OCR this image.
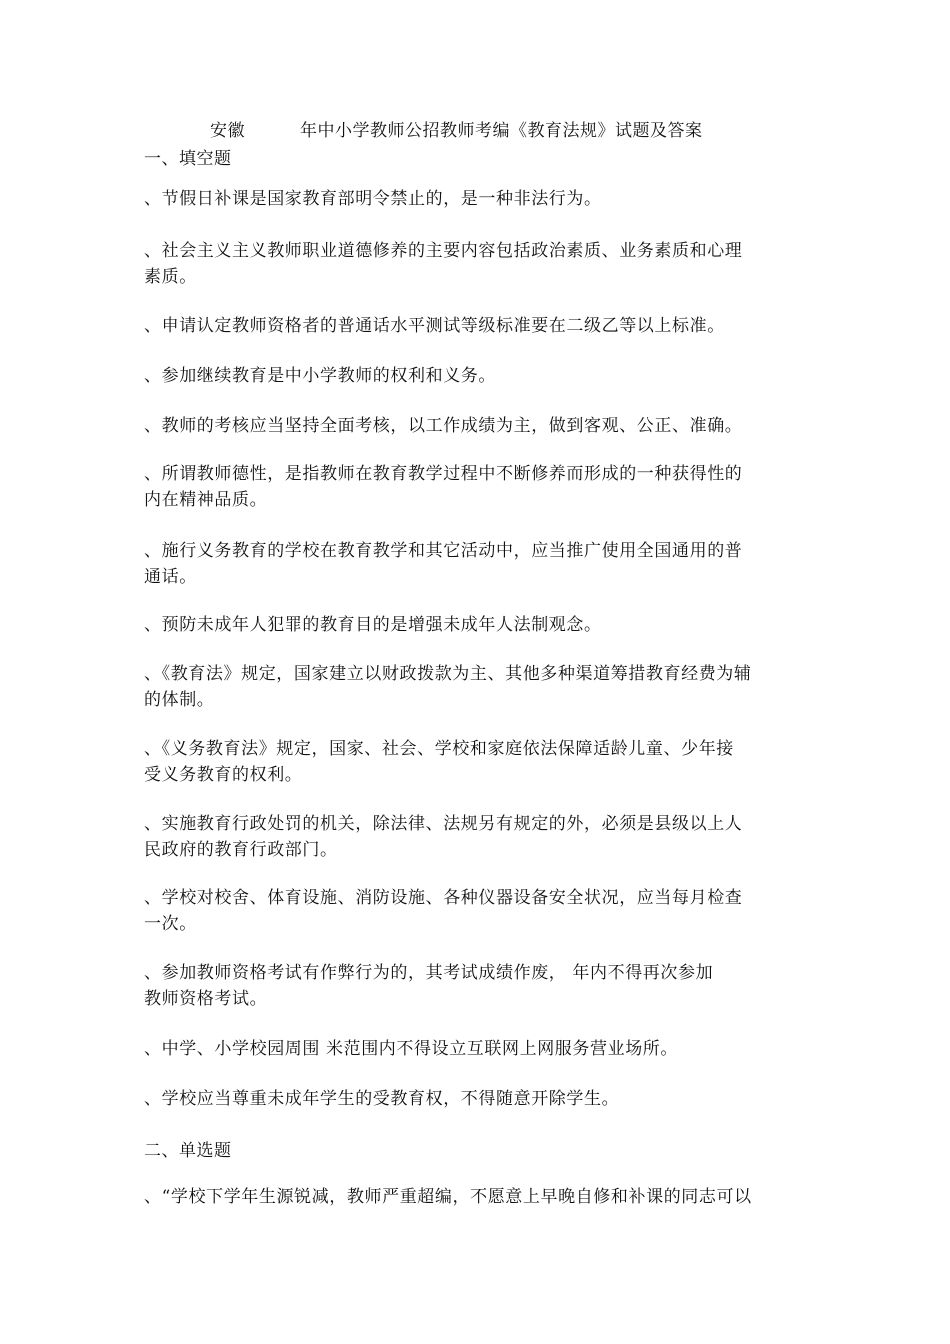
安徽

	年中小学教师公招教师考编《教育法规》试题及答案

一、填空题
、节假日补课是国家教育部明令禁止的，是一种非法行为。
、社会主义主义教师职业道德修养的主要内容包括政治素质、业务素质和心理
素质。
、申请认定教师资格者的普通话水平测试等级标准要在二级乙等以上标准。
、参加继续教育是中小学教师的权利和义务。
、教师的考核应当坚持全面考核，以工作成绩为主，做到客观、公正、准确。
、所谓教师德性，是指教师在教育教学过程中不断修养而形成的一种获得性的
内在精神品质。
、施行义务教育的学校在教育教学和其它活动中，应当推广使用全国通用的普
通话。
、预防未成年人犯罪的教育目的是增强未成年人法制观念。
、《教育法》规定，国家建立以财政拨款为主、其他多种渠道筹措教育经费为辅
的体制。
、《义务教育法》规定，国家、社会、学校和家庭依法保障适龄儿童、少年接
受义务教育的权利。
、实施教育行政处罚的机关，除法律、法规另有规定的外，必须是县级以上人
民政府的教育行政部门。
、学校对校舍、体育设施、消防设施、各种仪器设备安全状况，应当每月检查
一次。
、参加教师资格考试有作弊行为的，其考试成绩作废， 年内不得再次参加
教师资格考试。
、中学、小学校园周围 米范围内不得设立互联网上网服务营业场所。
、学校应当尊重未成年学生的受教育权，不得随意开除学生。
二、单选题
、“学校下学年生源锐减，教师严重超编，不愿意上早晚自修和补课的同志可以
